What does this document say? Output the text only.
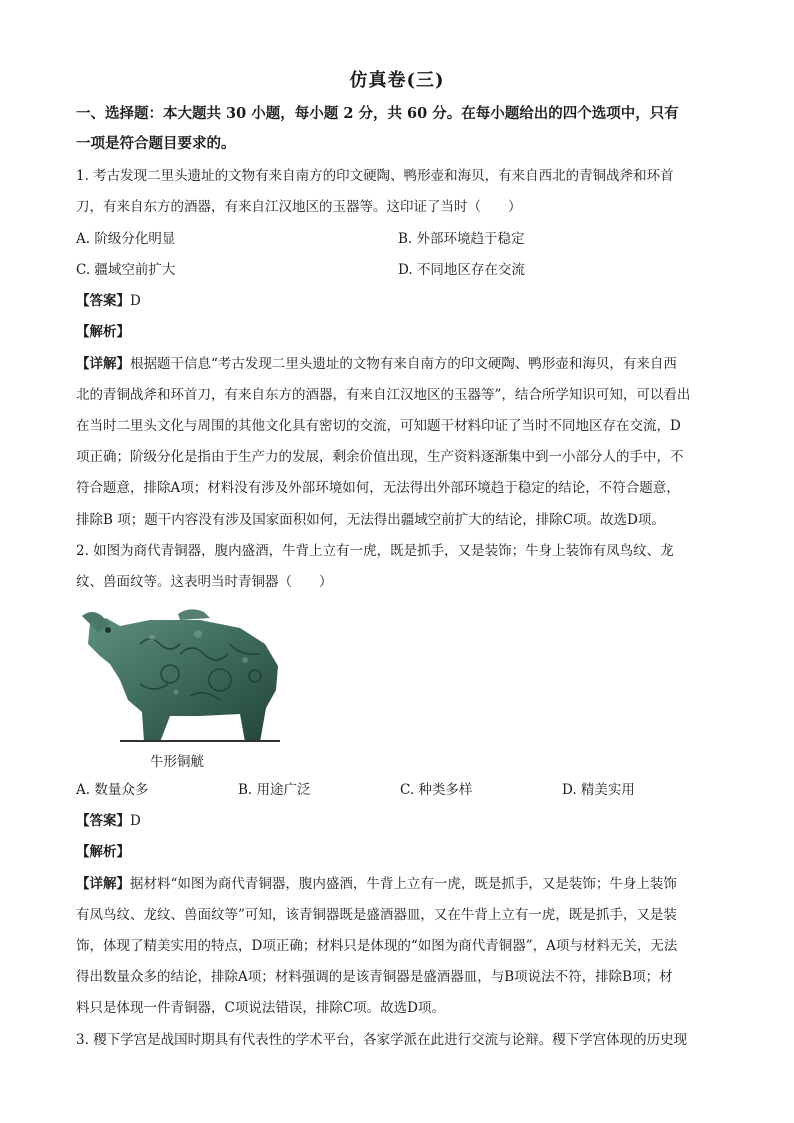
仿真卷(三)
一、选择题：本大题共 30 小题，每小题 2 分，共 60 分。在每小题给出的四个选项中，只有
一项是符合题目要求的。
1. 考古发现二里头遗址的文物有来自南方的印文硬陶、鸭形壶和海贝，有来自西北的青铜战斧和环首
刀，有来自东方的酒器，有来自江汉地区的玉器等。这印证了当时（　　）
A. 阶级分化明显	B. 外部环境趋于稳定
C. 疆域空前扩大	D. 不同地区存在交流
【答案】D
【解析】
【详解】根据题干信息“考古发现二里头遗址的文物有来自南方的印文硬陶、鸭形壶和海贝，有来自西
北的青铜战斧和环首刀，有来自东方的酒器，有来自江汉地区的玉器等”，结合所学知识可知，可以看出
在当时二里头文化与周围的其他文化具有密切的交流，可知题干材料印证了当时不同地区存在交流，D
项正确；阶级分化是指由于生产力的发展，剩余价值出现，生产资料逐渐集中到一小部分人的手中，不
符合题意，排除A项；材料没有涉及外部环境如何，无法得出外部环境趋于稳定的结论，不符合题意，
排除B 项；题干内容没有涉及国家面积如何，无法得出疆域空前扩大的结论，排除C项。故选D项。
2. 如图为商代青铜器，腹内盛酒，牛背上立有一虎，既是抓手，又是装饰；牛身上装饰有凤鸟纹、龙
纹、兽面纹等。这表明当时青铜器（　　）
牛形铜觥
A. 数量众多	B. 用途广泛	C. 种类多样	D. 精美实用
【答案】D
【解析】
【详解】据材料“如图为商代青铜器，腹内盛酒，牛背上立有一虎，既是抓手，又是装饰；牛身上装饰
有凤鸟纹、龙纹、兽面纹等”可知，该青铜器既是盛酒器皿，又在牛背上立有一虎，既是抓手，又是装
饰，体现了精美实用的特点，D项正确；材料只是体现的“如图为商代青铜器”，A项与材料无关，无法
得出数量众多的结论，排除A项；材料强调的是该青铜器是盛酒器皿，与B项说法不符，排除B项；材
料只是体现一件青铜器，C项说法错误，排除C项。故选D项。
3. 稷下学宫是战国时期具有代表性的学术平台，各家学派在此进行交流与论辩。稷下学宫体现的历史现
